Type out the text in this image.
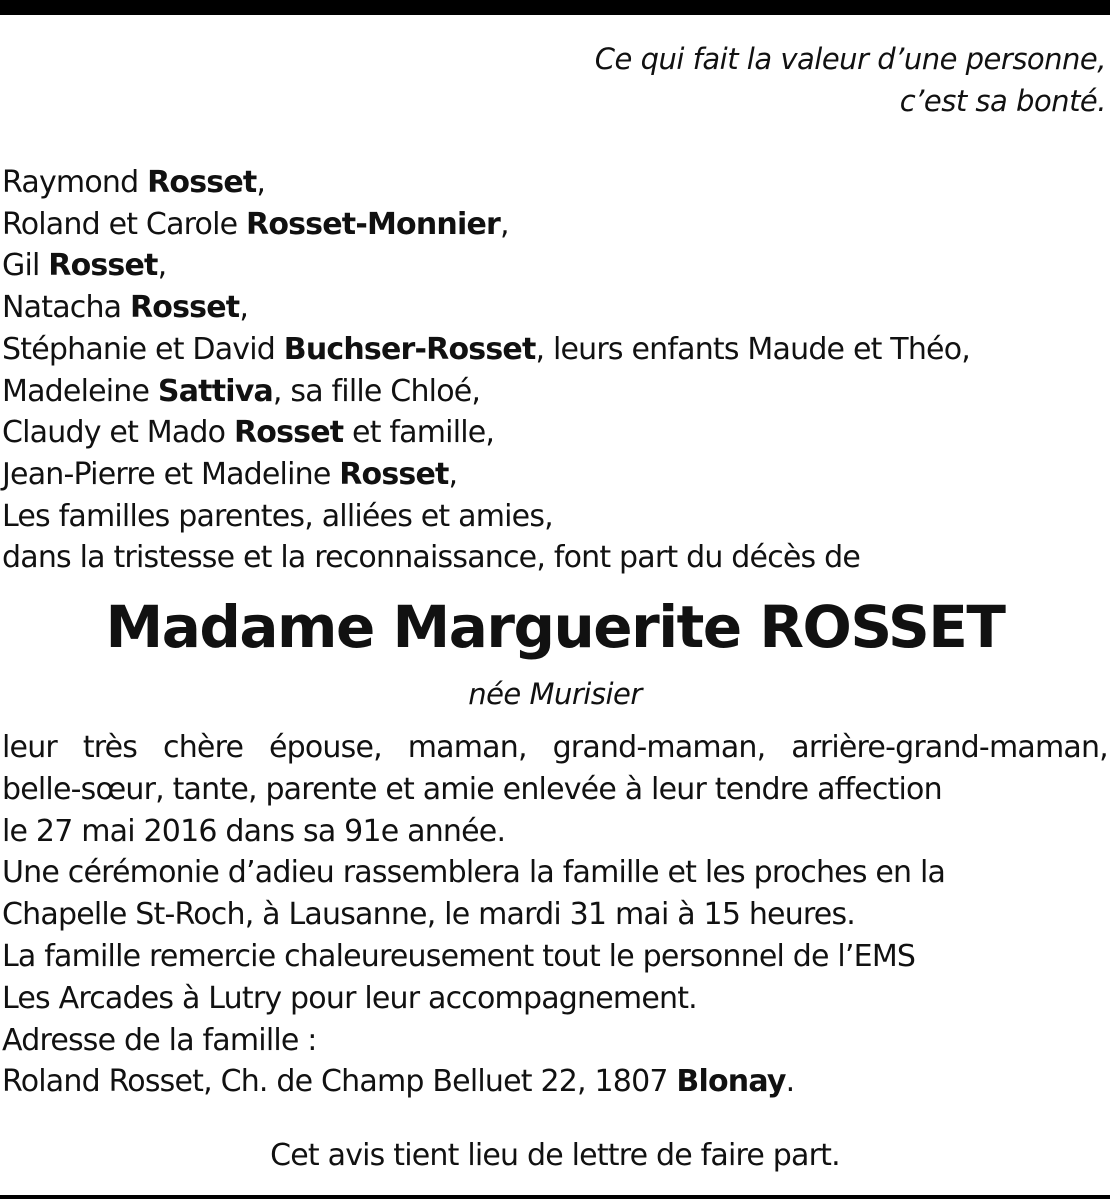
Ce qui fait la valeur d’une personne,
c’est sa bonté.
Raymond Rosset,
Roland et Carole Rosset-Monnier,
Gil Rosset,
Natacha Rosset,
Stéphanie et David Buchser-Rosset, leurs enfants Maude et Théo,
Madeleine Sattiva, sa fille Chloé,
Claudy et Mado Rosset et famille,
Jean-Pierre et Madeline Rosset,
Les familles parentes, alliées et amies,
dans la tristesse et la reconnaissance, font part du décès de
Madame Marguerite ROSSET
née Murisier
leur très chère épouse, maman, grand-maman, arrière-grand-maman,
belle-sœur, tante, parente et amie enlevée à leur tendre affection
le 27 mai 2016 dans sa 91e année.
Une cérémonie d’adieu rassemblera la famille et les proches en la
Chapelle St-Roch, à Lausanne, le mardi 31 mai à 15 heures.
La famille remercie chaleureusement tout le personnel de l’EMS
Les Arcades à Lutry pour leur accompagnement.
Adresse de la famille :
Roland Rosset, Ch. de Champ Belluet 22, 1807 Blonay.
Cet avis tient lieu de lettre de faire part.
